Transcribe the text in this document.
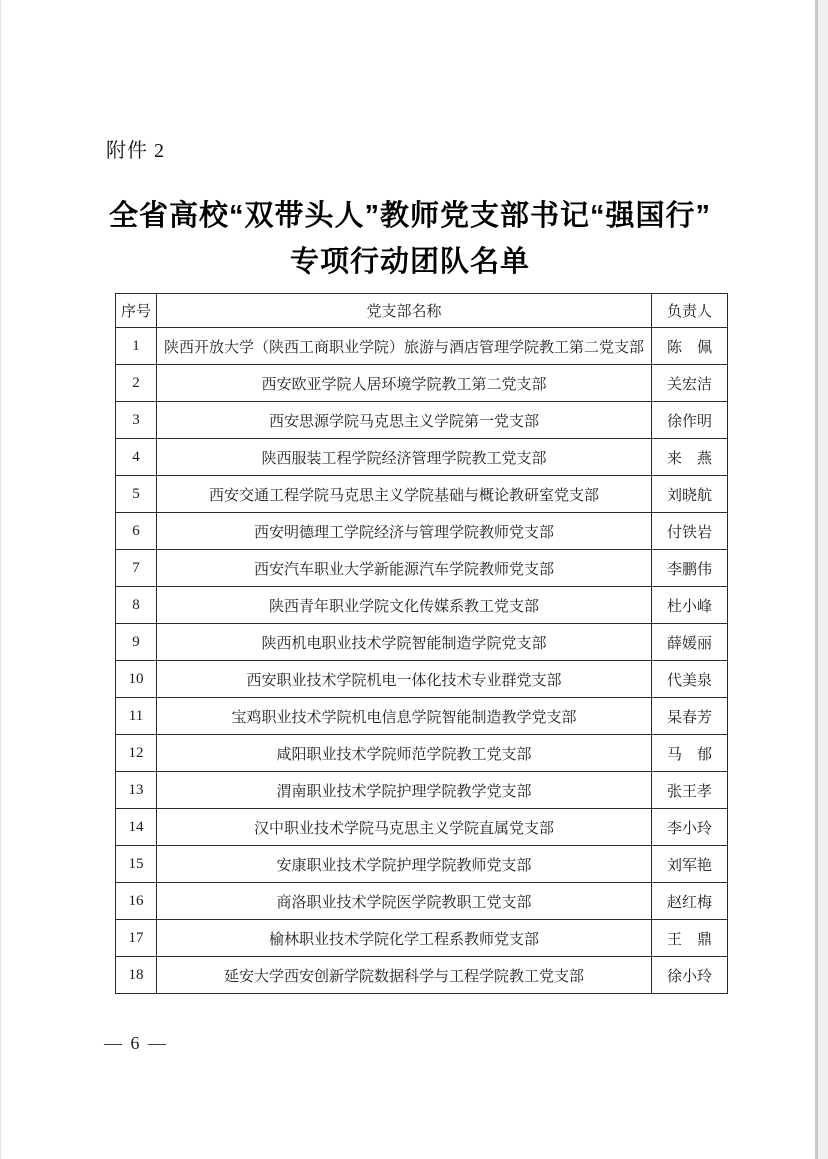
附件 2
全省高校“双带头人”教师党支部书记“强国行”
专项行动团队名单
序号	党支部名称	负责人
1	陕西开放大学（陕西工商职业学院）旅游与酒店管理学院教工第二党支部	陈　佩
2	西安欧亚学院人居环境学院教工第二党支部	关宏洁
3	西安思源学院马克思主义学院第一党支部	徐作明
4	陕西服装工程学院经济管理学院教工党支部	来　燕
5	西安交通工程学院马克思主义学院基础与概论教研室党支部	刘晓航
6	西安明德理工学院经济与管理学院教师党支部	付铁岩
7	西安汽车职业大学新能源汽车学院教师党支部	李鹏伟
8	陕西青年职业学院文化传媒系教工党支部	杜小峰
9	陕西机电职业技术学院智能制造学院党支部	薛媛丽
10	西安职业技术学院机电一体化技术专业群党支部	代美泉
11	宝鸡职业技术学院机电信息学院智能制造教学党支部	杲春芳
12	咸阳职业技术学院师范学院教工党支部	马　郁
13	渭南职业技术学院护理学院教学党支部	张王孝
14	汉中职业技术学院马克思主义学院直属党支部	李小玲
15	安康职业技术学院护理学院教师党支部	刘军艳
16	商洛职业技术学院医学院教职工党支部	赵红梅
17	榆林职业技术学院化学工程系教师党支部	王　鼎
18	延安大学西安创新学院数据科学与工程学院教工党支部	徐小玲
— 6 —
